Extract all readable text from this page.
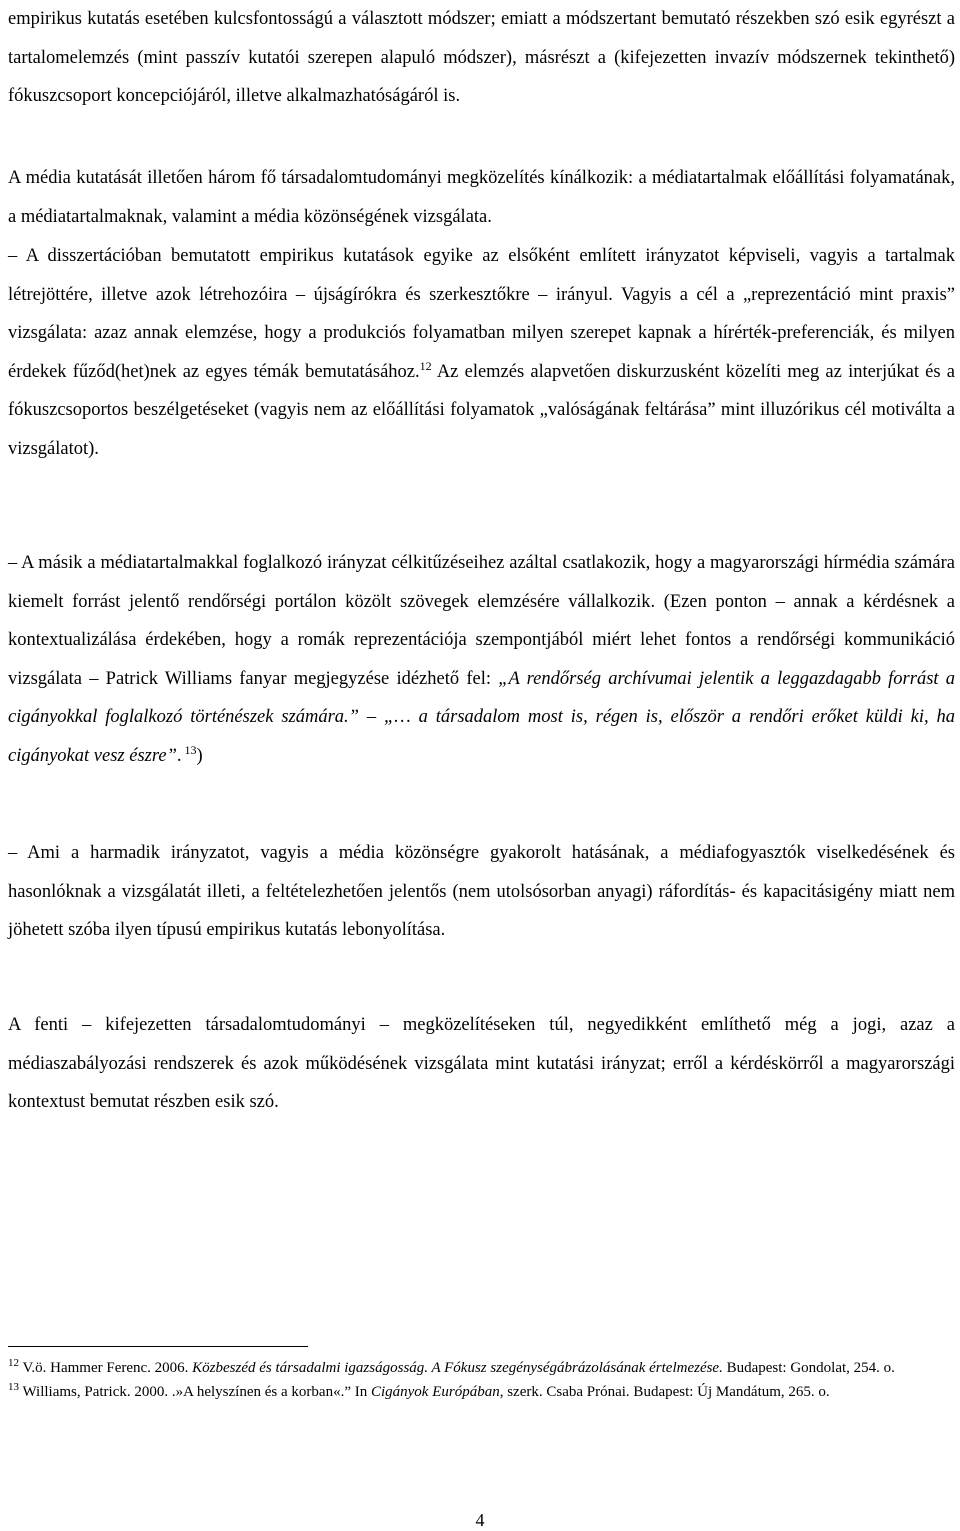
empirikus kutatás esetében kulcsfontosságú a választott módszer; emiatt a módszertant bemutató részekben szó esik egyrészt a tartalomelemzés (mint passzív kutatói szerepen alapuló módszer), másrészt a (kifejezetten invazív módszernek tekinthető) fókuszcsoport koncepciójáról, illetve alkalmazhatóságáról is.

A média kutatását illetően három fő társadalomtudományi megközelítés kínálkozik: a médiatartalmak előállítási folyamatának, a médiatartalmaknak, valamint a média közönségének vizsgálata.

– A disszertációban bemutatott empirikus kutatások egyike az elsőként említett irányzatot képviseli, vagyis a tartalmak létrejöttére, illetve azok létrehozóira – újságírókra és szerkesztőkre – irányul. Vagyis a cél a „reprezentáció mint praxis” vizsgálata: azaz annak elemzése, hogy a produkciós folyamatban milyen szerepet kapnak a hírérték-preferenciák, és milyen érdekek fűződ(het)nek az egyes témák bemutatásához.$^{12}$ Az elemzés alapvetően diskurzusként közelíti meg az interjúkat és a fókuszcsoportos beszélgetéseket (vagyis nem az előállítási folyamatok „valóságának feltárása” mint illuzórikus cél motiválta a vizsgálatot).

– A másik a médiatartalmakkal foglalkozó irányzat célkitűzéseihez azáltal csatlakozik, hogy a magyarországi hírmédia számára kiemelt forrást jelentő rendőrségi portálon közölt szövegek elemzésére vállalkozik. (Ezen ponton – annak a kérdésnek a kontextualizálása érdekében, hogy a romák reprezentációja szempontjából miért lehet fontos a rendőrségi kommunikáció vizsgálata – Patrick Williams fanyar megjegyzése idézhető fel: „A rendőrség archívumai jelentik a leggazdagabb forrást a cigányokkal foglalkozó történészek számára.” – „… a társadalom most is, régen is, először a rendőri erőket küldi ki, ha cigányokat vesz észre”. $^{13}$)

– Ami a harmadik irányzatot, vagyis a média közönségre gyakorolt hatásának, a médiafogyasztók viselkedésének és hasonlóknak a vizsgálatát illeti, a feltételezhetően jelentős (nem utolsósorban anyagi) ráfordítás- és kapacitásigény miatt nem jöhetett szóba ilyen típusú empirikus kutatás lebonyolítása.

A fenti – kifejezetten társadalomtudományi – megközelítéseken túl, negyedikként említhető még a jogi, azaz a médiaszabályozási rendszerek és azok működésének vizsgálata mint kutatási irányzat; erről a kérdéskörről a magyarországi kontextust bemutat részben esik szó.

$^{12}$ V.ö. Hammer Ferenc. 2006. Közbeszéd és társadalmi igazságosság. A Fókusz szegénységábrázolásának értelmezése. Budapest: Gondolat, 254. o.

$^{13}$ Williams, Patrick. 2000. .»A helyszínen és a korban«.” In Cigányok Európában, szerk. Csaba Prónai. Budapest: Új Mandátum, 265. o.

4
